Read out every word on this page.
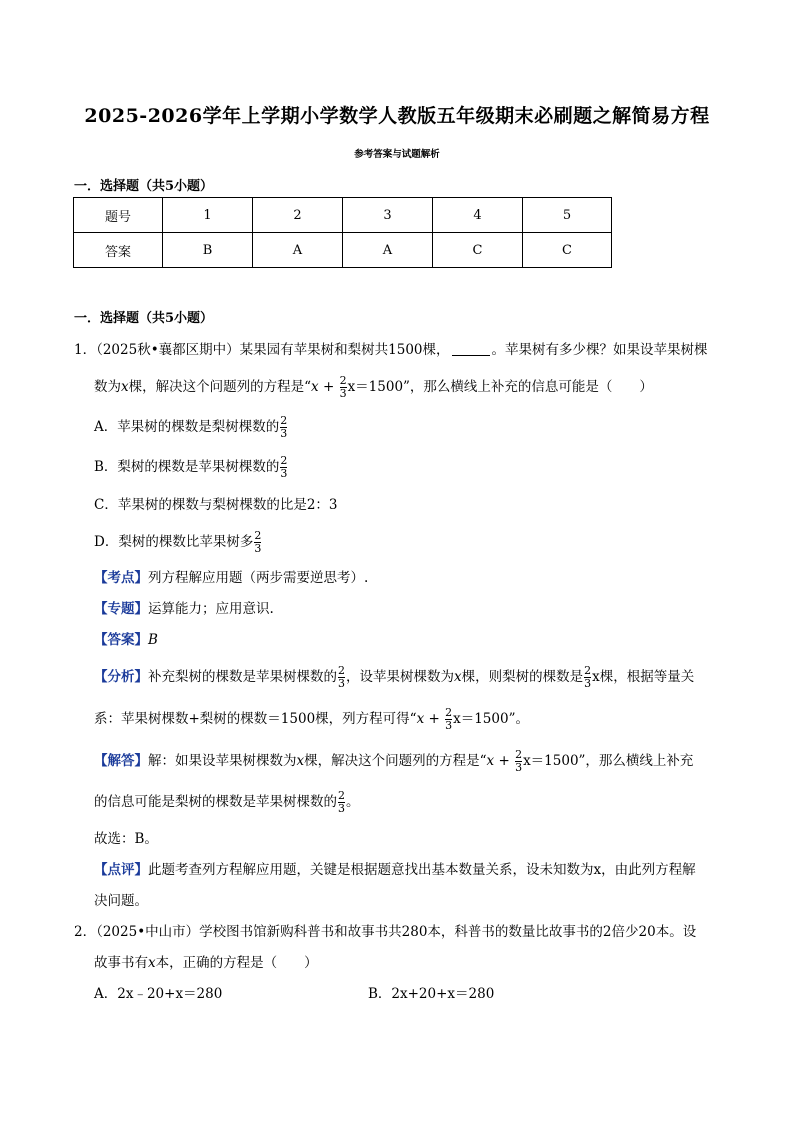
2025-2026学年上学期小学数学人教版五年级期末必刷题之解简易方程
参考答案与试题解析
一．选择题（共5小题）
题号	1	2	3	4	5
答案	B	A	A	C	C
一．选择题（共5小题）
1．（2025秋•襄都区期中）某果园有苹果树和梨树共1500棵，	。苹果树有多少棵？如果设苹果树棵
数为x棵，解决这个问题列的方程是“$x + \frac{2}{3} x=1500$”，那么横线上补充的信息可能是（　　）
A．苹果树的棵数是梨树棵数的 $\frac{2}{3}$
B．梨树的棵数是苹果树棵数的 $\frac{2}{3}$
C．苹果树的棵数与梨树棵数的比是2：3
D．梨树的棵数比苹果树多 $\frac{2}{3}$
【考点】列方程解应用题（两步需要逆思考）.
【专题】运算能力；应用意识.
【答案】B
【分析】补充梨树的棵数是苹果树棵数的 $\frac{2}{3}$ ，设苹果树棵数为x棵，则梨树的棵数是 $\frac{2}{3}$ x棵，根据等量关
系：苹果树棵数+梨树的棵数＝1500棵，列方程可得“$x + \frac{2}{3} x=1500$”。
【解答】解：如果设苹果树棵数为x棵，解决这个问题列的方程是“$x + \frac{2}{3} x=1500$”，那么横线上补充
的信息可能是梨树的棵数是苹果树棵数的 $\frac{2}{3}$ 。
故选：B。
【点评】此题考查列方程解应用题，关键是根据题意找出基本数量关系，设未知数为x，由此列方程解
决问题。
2．（2025•中山市）学校图书馆新购科普书和故事书共280本，科普书的数量比故事书的2倍少20本。设
故事书有x本，正确的方程是（　　）
A．2x﹣20+x＝280	B．2x+20+x＝280
